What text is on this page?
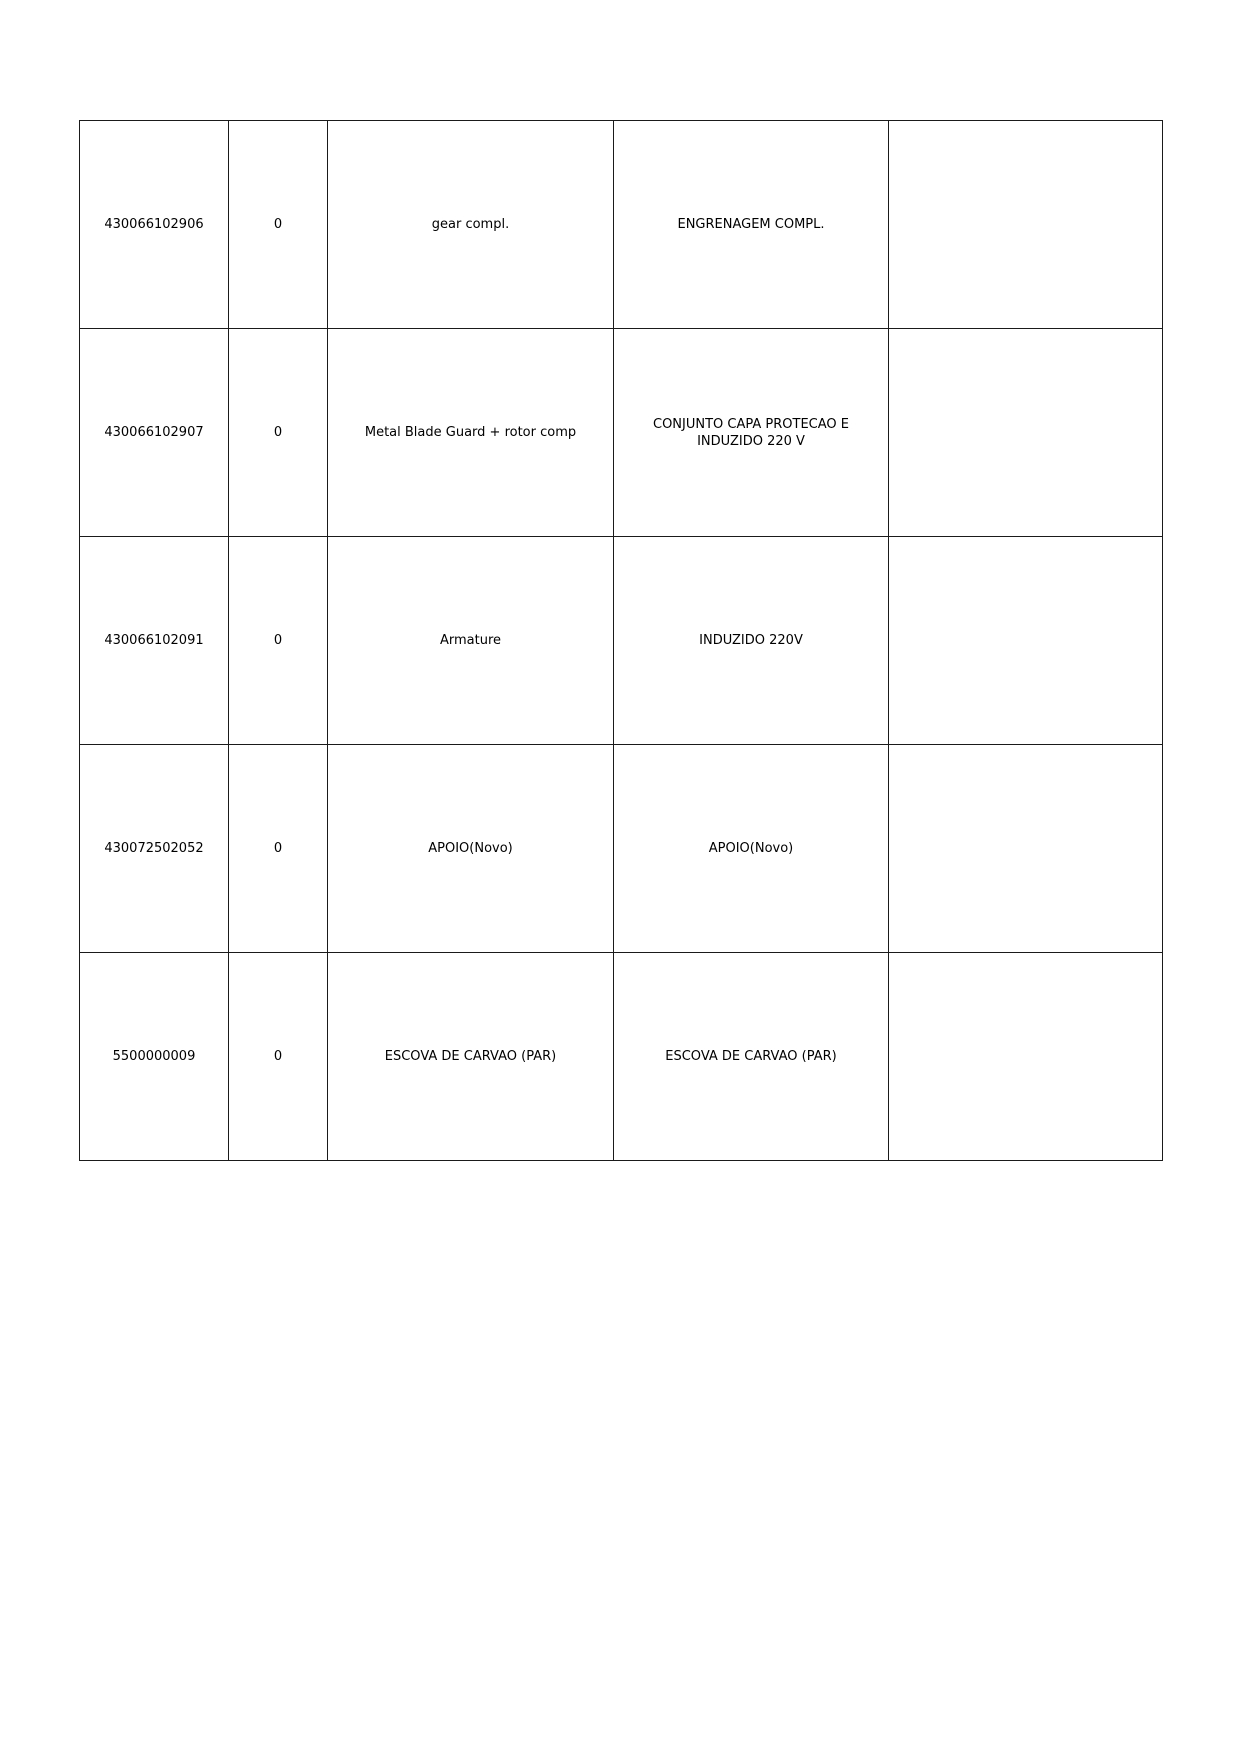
430066102906	0	gear compl.	ENGRENAGEM COMPL.	
430066102907	0	Metal Blade Guard + rotor comp	CONJUNTO CAPA PROTECAO E INDUZIDO 220 V	
430066102091	0	Armature	INDUZIDO 220V	
430072502052	0	APOIO(Novo)	APOIO(Novo)	
5500000009	0	ESCOVA DE CARVAO (PAR)	ESCOVA DE CARVAO (PAR)	
